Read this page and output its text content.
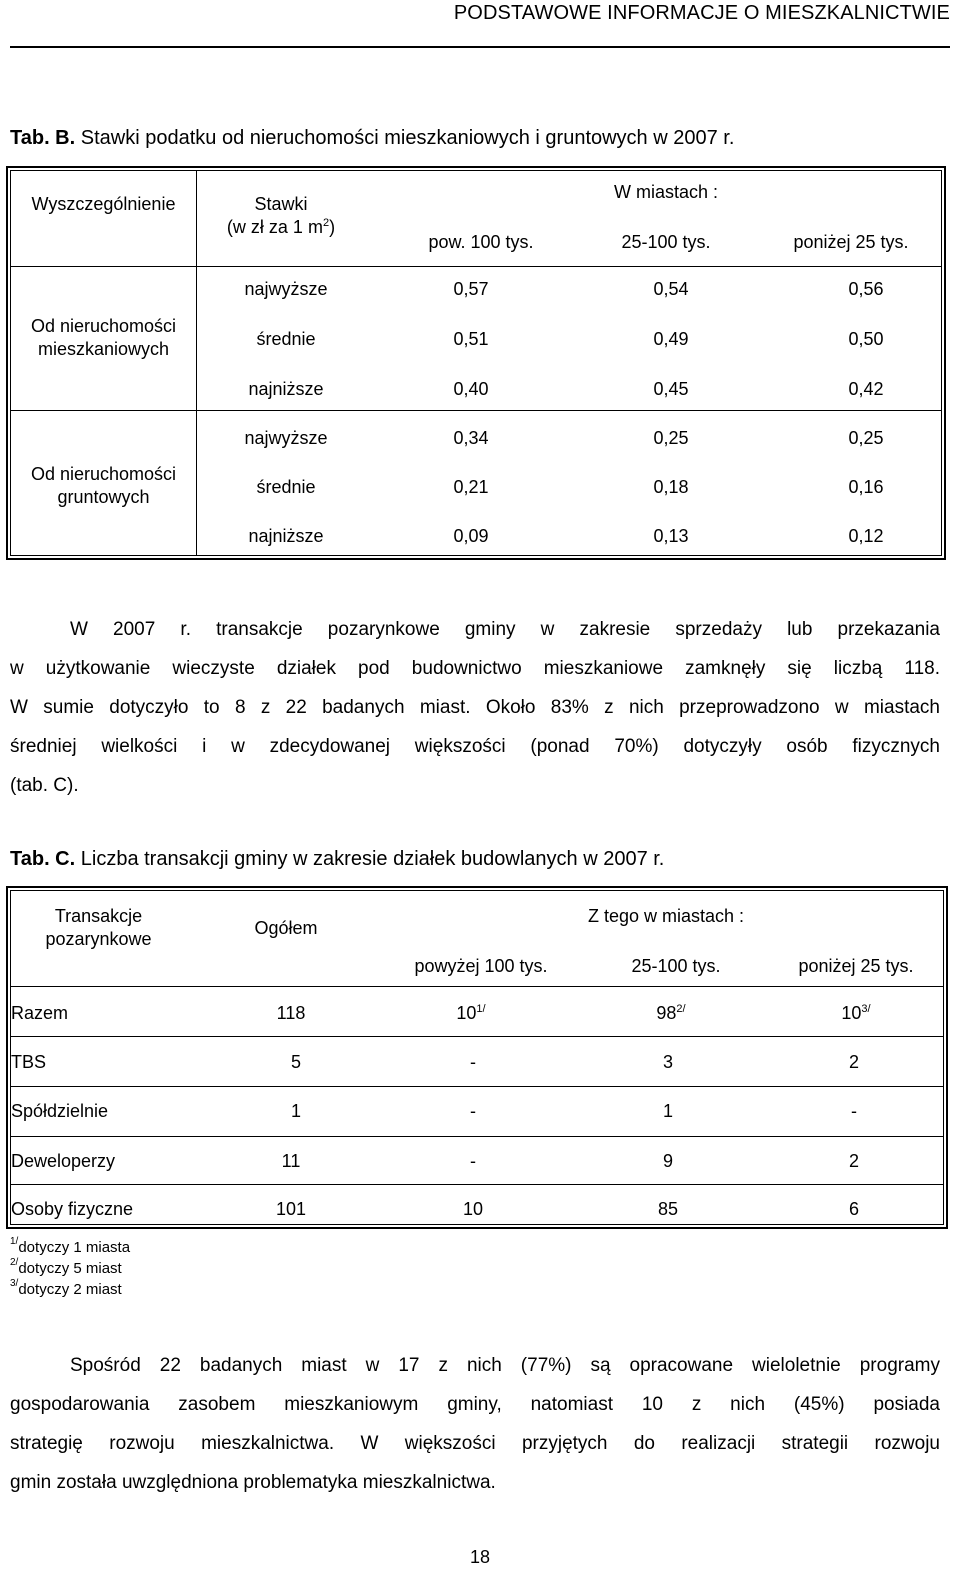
PODSTAWOWE INFORMACJE O MIESZKALNICTWIE
Tab. B. Stawki podatku od nieruchomości mieszkaniowych i gruntowych w 2007 r.
Wyszczególnienie	Stawki
(w zł za 1 $m^2$)
W miastach :
pow. 100 tys.	25-100 tys.	poniżej 25 tys.
Od nieruchomości
mieszkaniowych
najwyższe	0,57	0,54	0,56
średnie	0,51	0,49	0,50
najniższe	0,40	0,45	0,42
Od nieruchomości
gruntowych
najwyższe	0,34	0,25	0,25
średnie	0,21	0,18	0,16
najniższe	0,09	0,13	0,12
W 2007 r. transakcje pozarynkowe gminy w zakresie sprzedaży lub przekazania
w użytkowanie wieczyste działek pod budownictwo mieszkaniowe zamknęły się liczbą 118.
W sumie dotyczyło to 8 z 22 badanych miast. Około 83% z nich przeprowadzono w miastach
średniej wielkości i w zdecydowanej większości (ponad 70%) dotyczyły osób fizycznych
(tab. C).
Tab. C. Liczba transakcji gminy w zakresie działek budowlanych w 2007 r.
Transakcje
pozarynkowe
Ogółem
Z tego w miastach :
powyżej 100 tys.	25-100 tys.	poniżej 25 tys.
Razem	118	$10^{1/}$	$98^{2/}$	$10^{3/}$
TBS	5	-	3	2
Spółdzielnie	1	-	1	-
Deweloperzy	11	-	9	2
Osoby fizyczne	101	10	85	6
$^{1/}$dotyczy 1 miasta
$^{2/}$dotyczy 5 miast
$^{3/}$dotyczy 2 miast
Spośród 22 badanych miast w 17 z nich (77%) są opracowane wieloletnie programy
gospodarowania zasobem mieszkaniowym gminy, natomiast 10 z nich (45%) posiada
strategię rozwoju mieszkalnictwa. W większości przyjętych do realizacji strategii rozwoju
gmin została uwzględniona problematyka mieszkalnictwa.
18
